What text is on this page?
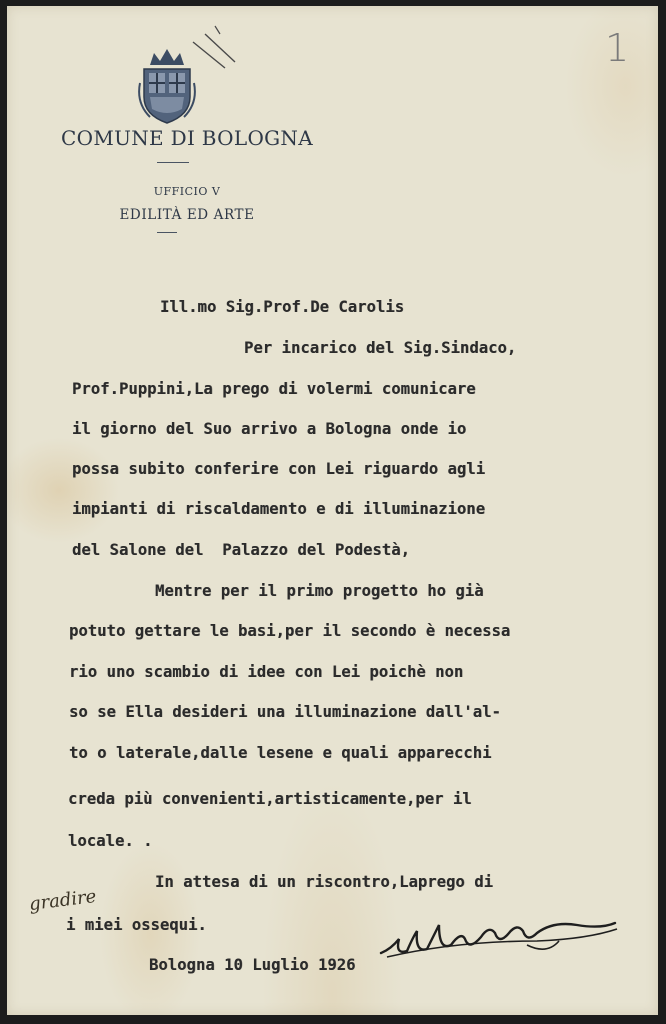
1
COMUNE DI BOLOGNA
UFFICIO V
EDILITÀ ED ARTE
Ill.mo Sig.Prof.De Carolis
Per incarico del Sig.Sindaco,
Prof.Puppini,La prego di volermi comunicare
il giorno del Suo arrivo a Bologna onde io
possa subito conferire con Lei riguardo agli
impianti di riscaldamento e di illuminazione
del Salone del  Palazzo del Podestà,
Mentre per il primo progetto ho già
potuto gettare le basi,per il secondo è necessa
rio uno scambio di idee con Lei poichè non
so se Ella desideri una illuminazione dall'al-
to o laterale,dalle lesene e quali apparecchi
creda più convenienti,artisticamente,per il
locale. .
In attesa di un riscontro,Laprego di
i miei ossequi.
gradire
Bologna 10 Luglio 1926
